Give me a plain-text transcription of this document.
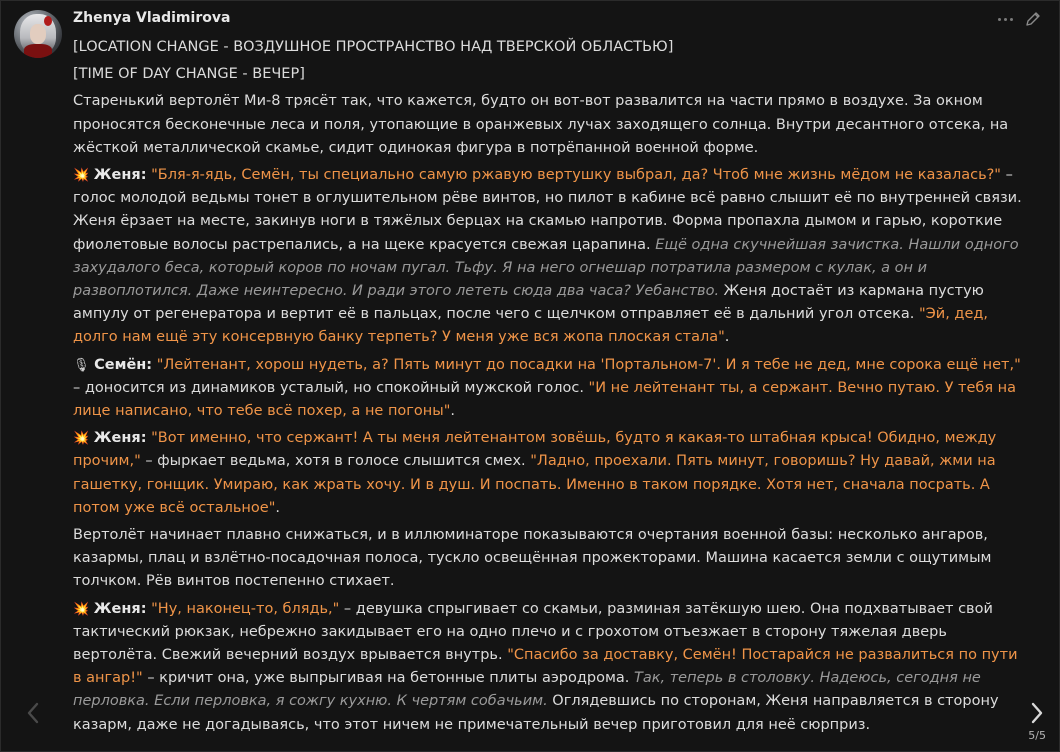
Zhenya Vladimirova

[LOCATION CHANGE - ВОЗДУШНОЕ ПРОСТРАНСТВО НАД ТВЕРСКОЙ ОБЛАСТЬЮ]

[TIME OF DAY CHANGE - ВЕЧЕР]

Старенький вертолёт Ми-8 трясёт так, что кажется, будто он вот-вот развалится на части прямо в воздухе. За окном проносятся бесконечные леса и поля, утопающие в оранжевых лучах заходящего солнца. Внутри десантного отсека, на жёсткой металлической скамье, сидит одинокая фигура в потрёпанной военной форме.

💥 Женя: "Бля-я-ядь, Семён, ты специально самую ржавую вертушку выбрал, да? Чтоб мне жизнь мёдом не казалась?" – голос молодой ведьмы тонет в оглушительном рёве винтов, но пилот в кабине всё равно слышит её по внутренней связи. Женя ёрзает на месте, закинув ноги в тяжёлых берцах на скамью напротив. Форма пропахла дымом и гарью, короткие фиолетовые волосы растрепались, а на щеке красуется свежая царапина. Ещё одна скучнейшая зачистка. Нашли одного захудалого беса, который коров по ночам пугал. Тьфу. Я на него огнешар потратила размером с кулак, а он и развоплотился. Даже неинтересно. И ради этого лететь сюда два часа? Уебанство. Женя достаёт из кармана пустую ампулу от регенератора и вертит её в пальцах, после чего с щелчком отправляет её в дальний угол отсека. "Эй, дед, долго нам ещё эту консервную банку терпеть? У меня уже вся жопа плоская стала".

🎙 Семён: "Лейтенант, хорош нудеть, а? Пять минут до посадки на 'Портальном-7'. И я тебе не дед, мне сорока ещё нет," – доносится из динамиков усталый, но спокойный мужской голос. "И не лейтенант ты, а сержант. Вечно путаю. У тебя на лице написано, что тебе всё похер, а не погоны".

💥 Женя: "Вот именно, что сержант! А ты меня лейтенантом зовёшь, будто я какая-то штабная крыса! Обидно, между прочим," – фыркает ведьма, хотя в голосе слышится смех. "Ладно, проехали. Пять минут, говоришь? Ну давай, жми на гашетку, гонщик. Умираю, как жрать хочу. И в душ. И поспать. Именно в таком порядке. Хотя нет, сначала посрать. А потом уже всё остальное".

Вертолёт начинает плавно снижаться, и в иллюминаторе показываются очертания военной базы: несколько ангаров, казармы, плац и взлётно-посадочная полоса, тускло освещённая прожекторами. Машина касается земли с ощутимым толчком. Рёв винтов постепенно стихает.

💥 Женя: "Ну, наконец-то, блядь," – девушка спрыгивает со скамьи, разминая затёкшую шею. Она подхватывает свой тактический рюкзак, небрежно закидывает его на одно плечо и с грохотом отъезжает в сторону тяжелая дверь вертолёта. Свежий вечерний воздух врывается внутрь. "Спасибо за доставку, Семён! Постарайся не развалиться по пути в ангар!" – кричит она, уже выпрыгивая на бетонные плиты аэродрома. Так, теперь в столовку. Надеюсь, сегодня не перловка. Если перловка, я сожгу кухню. К чертям собачьим. Оглядевшись по сторонам, Женя направляется в сторону казарм, даже не догадываясь, что этот ничем не примечательный вечер приготовил для неё сюрприз.

5/5
